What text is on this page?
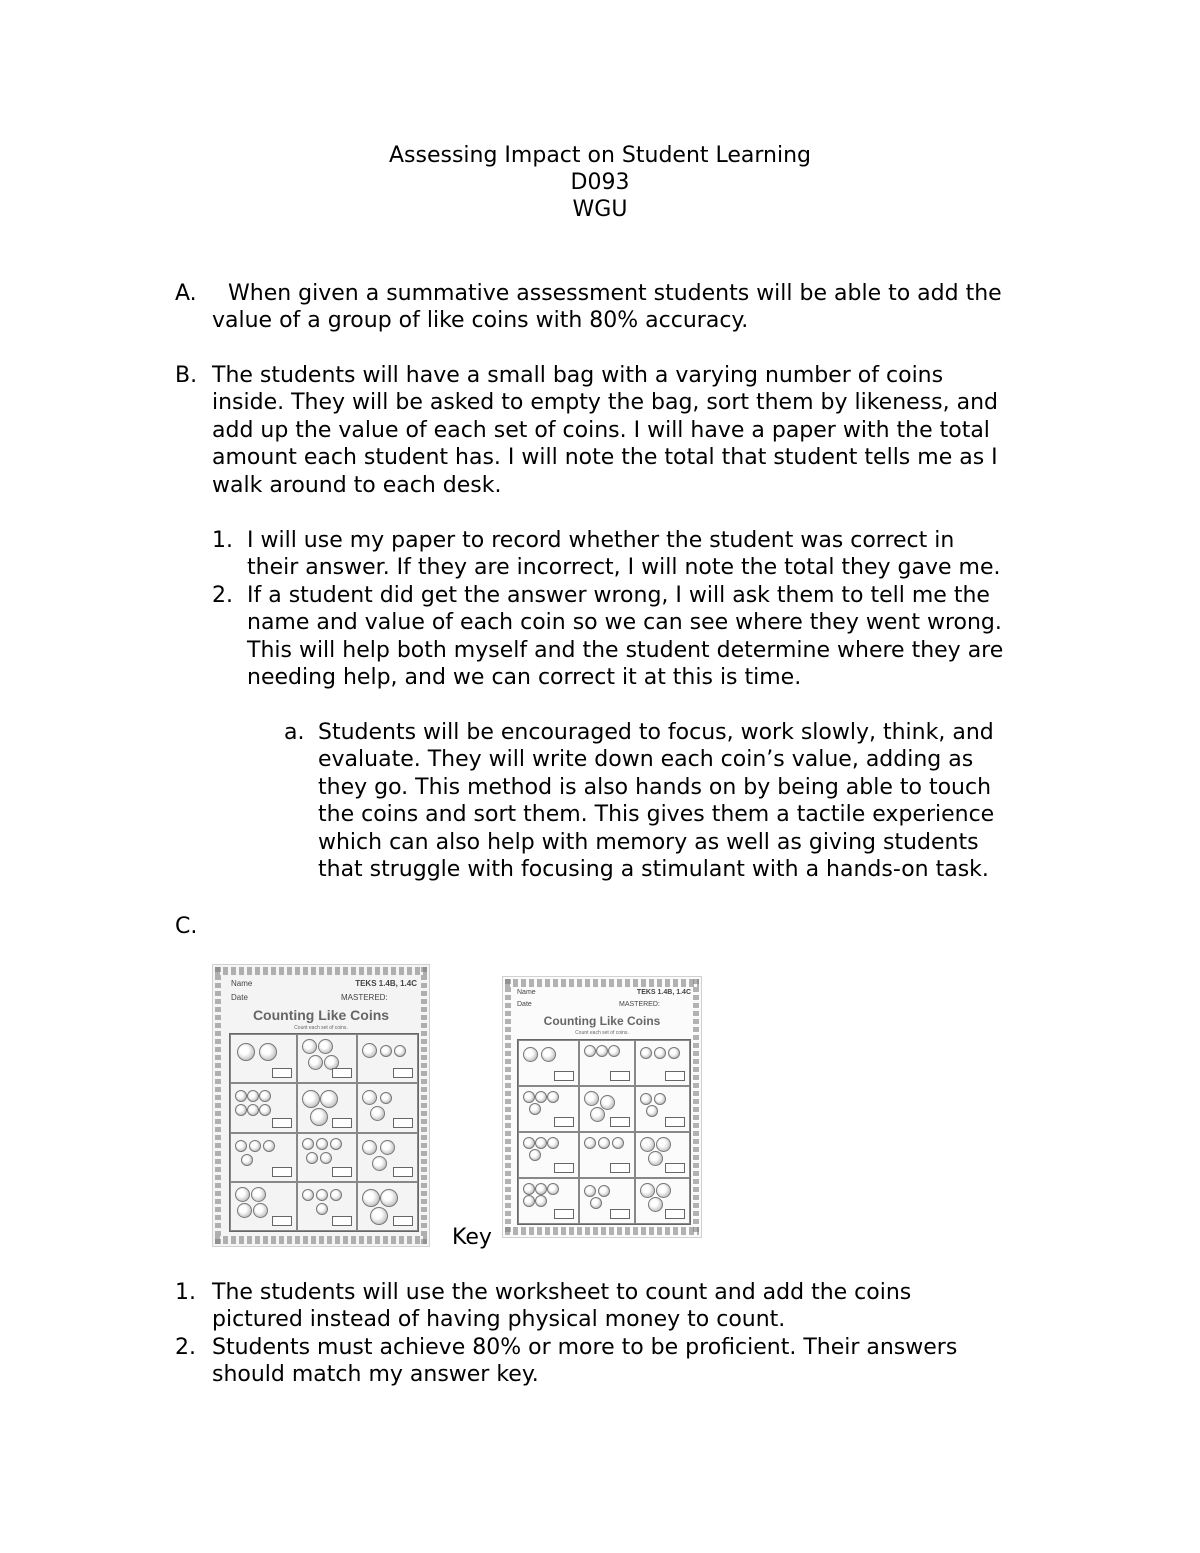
Assessing Impact on Student Learning
D093
WGU
A.	When given a summative assessment students will be able to add the
value of a group of like coins with 80% accuracy.
B. The students will have a small bag with a varying number of coins
inside. They will be asked to empty the bag, sort them by likeness, and
add up the value of each set of coins. I will have a paper with the total
amount each student has. I will note the total that student tells me as I
walk around to each desk.
1. I will use my paper to record whether the student was correct in
their answer. If they are incorrect, I will note the total they gave me.
2. If a student did get the answer wrong, I will ask them to tell me the
name and value of each coin so we can see where they went wrong.
This will help both myself and the student determine where they are
needing help, and we can correct it at this is time.
a. Students will be encouraged to focus, work slowly, think, and
evaluate. They will write down each coin’s value, adding as
they go. This method is also hands on by being able to touch
the coins and sort them. This gives them a tactile experience
which can also help with memory as well as giving students
that struggle with focusing a stimulant with a hands-on task.
C.
Name	TEKS 1.4B, 1.4C
Date	MASTERED:
Counting Like Coins
Count each set of coins.
Name	TEKS 1.4B, 1.4C
Date	MASTERED:
Counting Like Coins
Count each set of coins.
Key
1. The students will use the worksheet to count and add the coins
pictured instead of having physical money to count.
2. Students must achieve 80% or more to be proficient. Their answers
should match my answer key.
